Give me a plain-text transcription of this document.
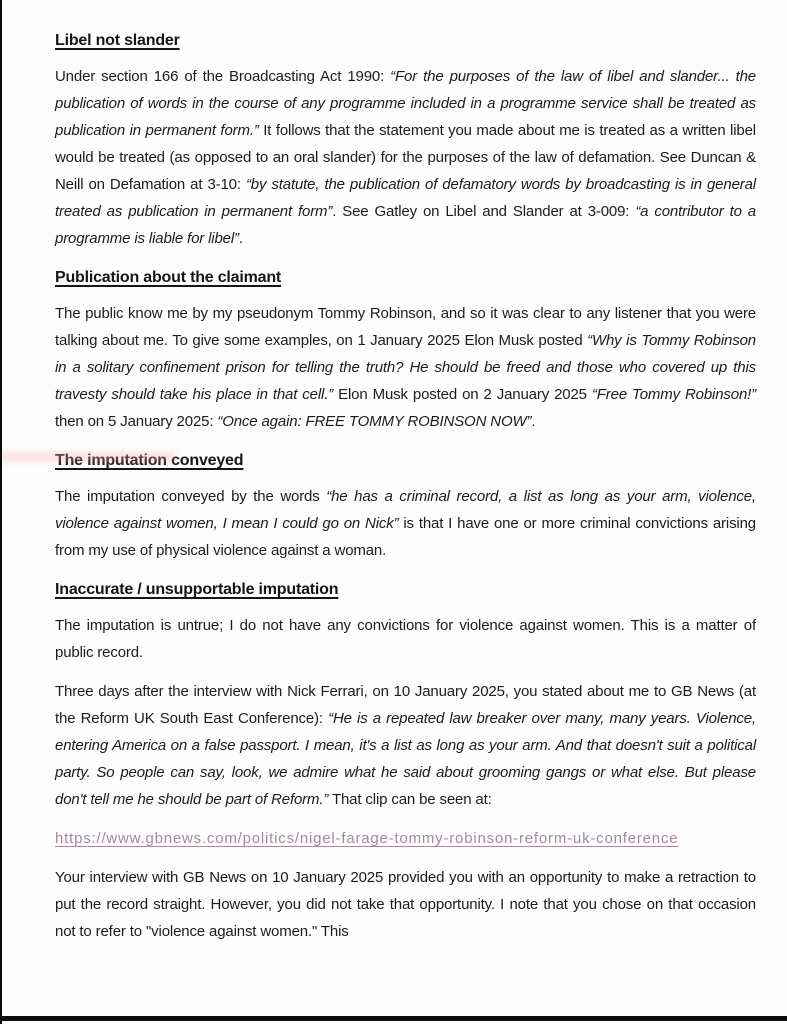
Libel not slander

Under section 166 of the Broadcasting Act 1990: “For the purposes of the law of libel and slander... the publication of words in the course of any programme included in a programme service shall be treated as publication in permanent form.” It follows that the statement you made about me is treated as a written libel would be treated (as opposed to an oral slander) for the purposes of the law of defamation. See Duncan & Neill on Defamation at 3-10: “by statute, the publication of defamatory words by broadcasting is in general treated as publication in permanent form”. See Gatley on Libel and Slander at 3-009: “a contributor to a programme is liable for libel”.

Publication about the claimant

The public know me by my pseudonym Tommy Robinson, and so it was clear to any listener that you were talking about me. To give some examples, on 1 January 2025 Elon Musk posted “Why is Tommy Robinson in a solitary confinement prison for telling the truth? He should be freed and those who covered up this travesty should take his place in that cell.” Elon Musk posted on 2 January 2025 “Free Tommy Robinson!” then on 5 January 2025: “Once again: FREE TOMMY ROBINSON NOW”.

The imputation conveyed

The imputation conveyed by the words “he has a criminal record, a list as long as your arm, violence, violence against women, I mean I could go on Nick” is that I have one or more criminal convictions arising from my use of physical violence against a woman.

Inaccurate / unsupportable imputation

The imputation is untrue; I do not have any convictions for violence against women. This is a matter of public record.

Three days after the interview with Nick Ferrari, on 10 January 2025, you stated about me to GB News (at the Reform UK South East Conference): “He is a repeated law breaker over many, many years. Violence, entering America on a false passport. I mean, it's a list as long as your arm. And that doesn't suit a political party. So people can say, look, we admire what he said about grooming gangs or what else. But please don't tell me he should be part of Reform.” That clip can be seen at:

https://www.gbnews.com/politics/nigel-farage-tommy-robinson-reform-uk-conference

Your interview with GB News on 10 January 2025 provided you with an opportunity to make a retraction to put the record straight. However, you did not take that opportunity. I note that you chose on that occasion not to refer to "violence against women." This
